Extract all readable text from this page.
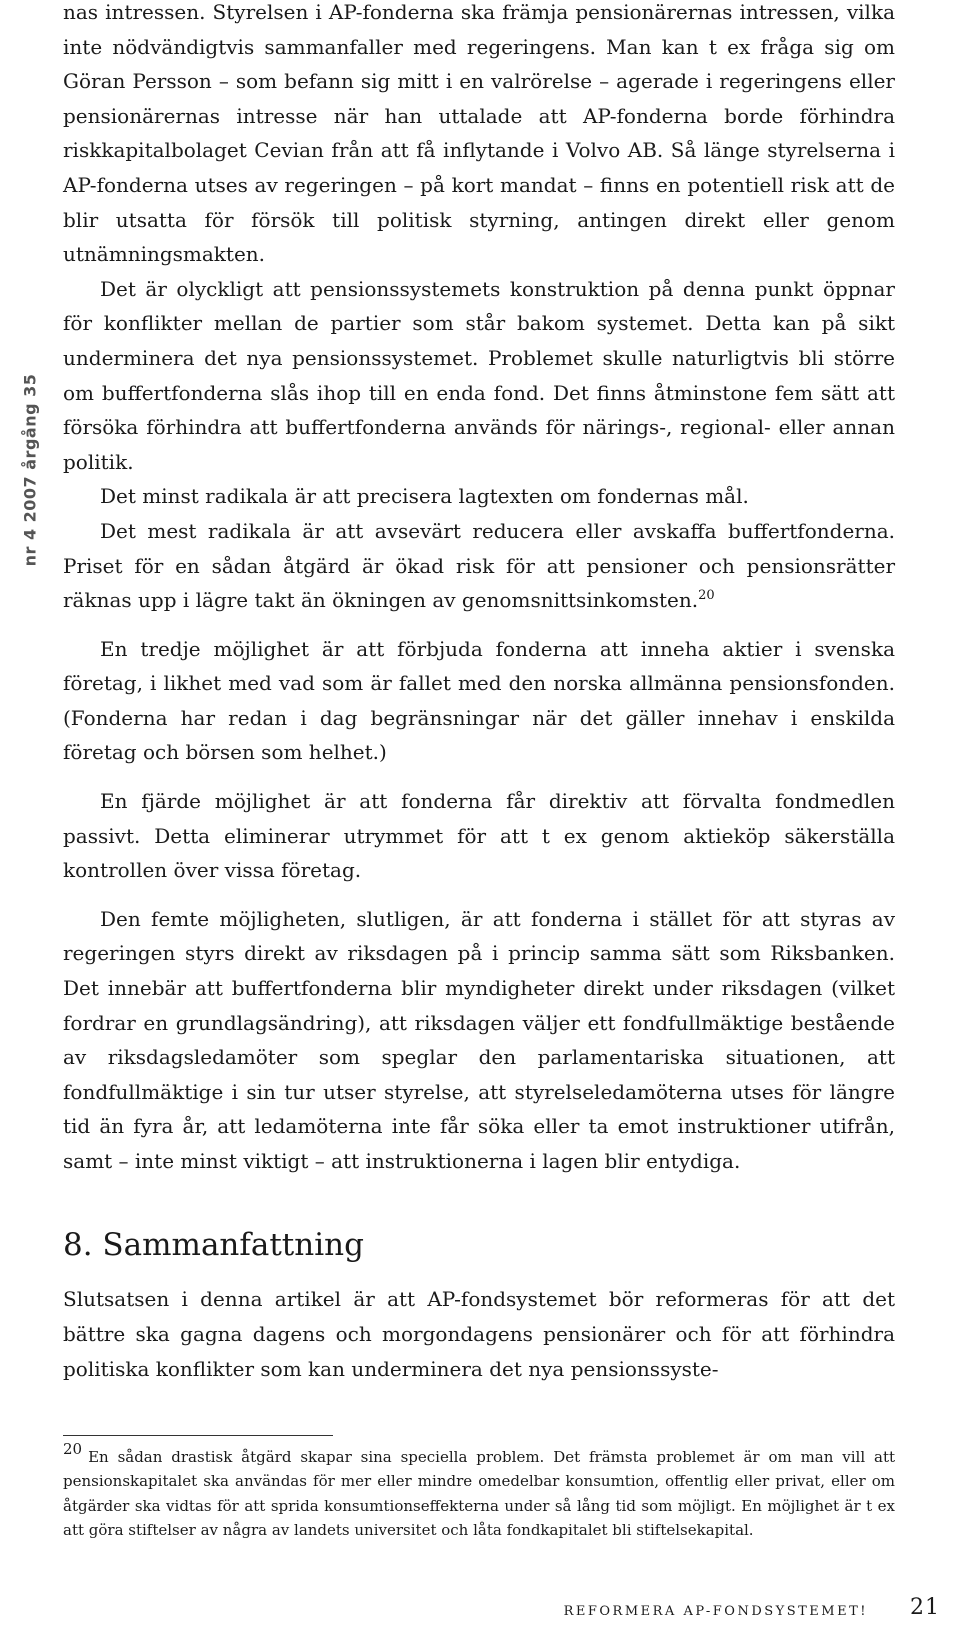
nr 4 2007 årgång 35

nas intressen. Styrelsen i AP-fonderna ska främja pensionärernas intressen, vilka inte nödvändigtvis sammanfaller med regeringens. Man kan t ex fråga sig om Göran Persson – som befann sig mitt i en valrörelse – agerade i regeringens eller pensionärernas intresse när han uttalade att AP-fonderna borde förhindra riskkapitalbolaget Cevian från att få inflytande i Volvo AB. Så länge styrelserna i AP-fonderna utses av regeringen – på kort mandat – finns en potentiell risk att de blir utsatta för försök till politisk styrning, antingen direkt eller genom utnämningsmakten.

Det är olyckligt att pensionssystemets konstruktion på denna punkt öppnar för konflikter mellan de partier som står bakom systemet. Detta kan på sikt underminera det nya pensionssystemet. Problemet skulle naturligtvis bli större om buffertfonderna slås ihop till en enda fond. Det finns åtminstone fem sätt att försöka förhindra att buffertfonderna används för närings-, regional- eller annan politik.

Det minst radikala är att precisera lagtexten om fondernas mål.

Det mest radikala är att avsevärt reducera eller avskaffa buffertfonderna. Priset för en sådan åtgärd är ökad risk för att pensioner och pensionsrätter räknas upp i lägre takt än ökningen av genomsnittsinkomsten.$^{20}$

En tredje möjlighet är att förbjuda fonderna att inneha aktier i svenska företag, i likhet med vad som är fallet med den norska allmänna pensionsfonden. (Fonderna har redan i dag begränsningar när det gäller innehav i enskilda företag och börsen som helhet.)

En fjärde möjlighet är att fonderna får direktiv att förvalta fondmedlen passivt. Detta eliminerar utrymmet för att t ex genom aktieköp säkerställa kontrollen över vissa företag.

Den femte möjligheten, slutligen, är att fonderna i stället för att styras av regeringen styrs direkt av riksdagen på i princip samma sätt som Riksbanken. Det innebär att buffertfonderna blir myndigheter direkt under riksdagen (vilket fordrar en grundlagsändring), att riksdagen väljer ett fondfullmäktige bestående av riksdagsledamöter som speglar den parlamentariska situationen, att fondfullmäktige i sin tur utser styrelse, att styrelseledamöterna utses för längre tid än fyra år, att ledamöterna inte får söka eller ta emot instruktioner utifrån, samt – inte minst viktigt – att instruktionerna i lagen blir entydiga.

8. Sammanfattning

Slutsatsen i denna artikel är att AP-fondsystemet bör reformeras för att det bättre ska gagna dagens och morgondagens pensionärer och för att förhindra politiska konflikter som kan underminera det nya pensionssyste-

$^{20}$ En sådan drastisk åtgärd skapar sina speciella problem. Det främsta problemet är om man vill att pensionskapitalet ska användas för mer eller mindre omedelbar konsumtion, offentlig eller privat, eller om åtgärder ska vidtas för att sprida konsumtionseffekterna under så lång tid som möjligt. En möjlighet är t ex att göra stiftelser av några av landets universitet och låta fondkapitalet bli stiftelsekapital.

REFORMERA AP-FONDSYSTEMET! 21
